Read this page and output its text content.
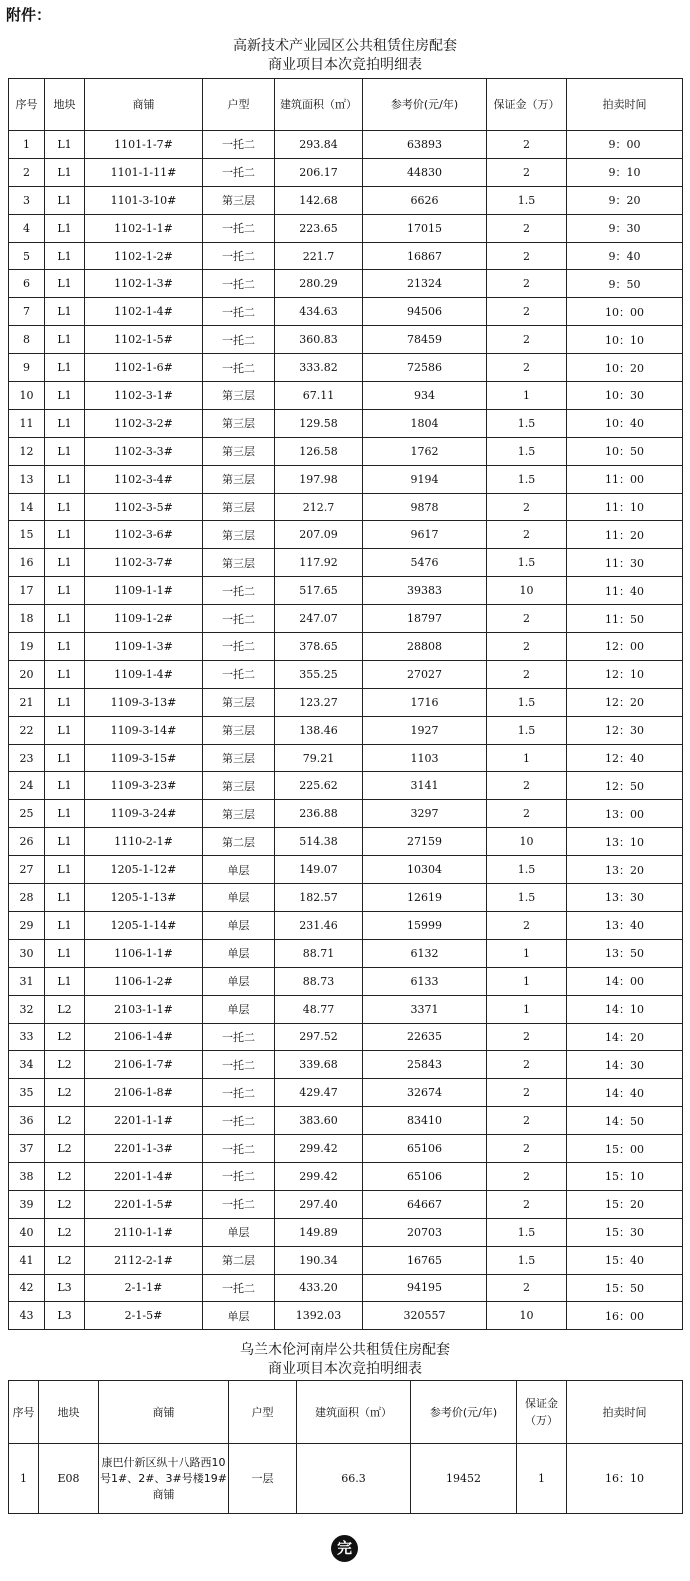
附件：
高新技术产业园区公共租赁住房配套
商业项目本次竞拍明细表
序号	地块	商铺	户型	建筑面积（㎡）	参考价(元/年)	保证金（万）	拍卖时间
1	L1	1101-1-7#	一托二	293.84	63893	2	9：00
2	L1	1101-1-11#	一托二	206.17	44830	2	9：10
3	L1	1101-3-10#	第三层	142.68	6626	1.5	9：20
4	L1	1102-1-1#	一托二	223.65	17015	2	9：30
5	L1	1102-1-2#	一托二	221.7	16867	2	9：40
6	L1	1102-1-3#	一托二	280.29	21324	2	9：50
7	L1	1102-1-4#	一托二	434.63	94506	2	10：00
8	L1	1102-1-5#	一托二	360.83	78459	2	10：10
9	L1	1102-1-6#	一托二	333.82	72586	2	10：20
10	L1	1102-3-1#	第三层	67.11	934	1	10：30
11	L1	1102-3-2#	第三层	129.58	1804	1.5	10：40
12	L1	1102-3-3#	第三层	126.58	1762	1.5	10：50
13	L1	1102-3-4#	第三层	197.98	9194	1.5	11：00
14	L1	1102-3-5#	第三层	212.7	9878	2	11：10
15	L1	1102-3-6#	第三层	207.09	9617	2	11：20
16	L1	1102-3-7#	第三层	117.92	5476	1.5	11：30
17	L1	1109-1-1#	一托二	517.65	39383	10	11：40
18	L1	1109-1-2#	一托二	247.07	18797	2	11：50
19	L1	1109-1-3#	一托二	378.65	28808	2	12：00
20	L1	1109-1-4#	一托二	355.25	27027	2	12：10
21	L1	1109-3-13#	第三层	123.27	1716	1.5	12：20
22	L1	1109-3-14#	第三层	138.46	1927	1.5	12：30
23	L1	1109-3-15#	第三层	79.21	1103	1	12：40
24	L1	1109-3-23#	第三层	225.62	3141	2	12：50
25	L1	1109-3-24#	第三层	236.88	3297	2	13：00
26	L1	1110-2-1#	第二层	514.38	27159	10	13：10
27	L1	1205-1-12#	单层	149.07	10304	1.5	13：20
28	L1	1205-1-13#	单层	182.57	12619	1.5	13：30
29	L1	1205-1-14#	单层	231.46	15999	2	13：40
30	L1	1106-1-1#	单层	88.71	6132	1	13：50
31	L1	1106-1-2#	单层	88.73	6133	1	14：00
32	L2	2103-1-1#	单层	48.77	3371	1	14：10
33	L2	2106-1-4#	一托二	297.52	22635	2	14：20
34	L2	2106-1-7#	一托二	339.68	25843	2	14：30
35	L2	2106-1-8#	一托二	429.47	32674	2	14：40
36	L2	2201-1-1#	一托二	383.60	83410	2	14：50
37	L2	2201-1-3#	一托二	299.42	65106	2	15：00
38	L2	2201-1-4#	一托二	299.42	65106	2	15：10
39	L2	2201-1-5#	一托二	297.40	64667	2	15：20
40	L2	2110-1-1#	单层	149.89	20703	1.5	15：30
41	L2	2112-2-1#	第二层	190.34	16765	1.5	15：40
42	L3	2-1-1#	一托二	433.20	94195	2	15：50
43	L3	2-1-5#	单层	1392.03	320557	10	16：00
乌兰木伦河南岸公共租赁住房配套
商业项目本次竞拍明细表
序号	地块	商铺	户型	建筑面积（㎡）	参考价(元/年)	保证金（万）	拍卖时间
1	E08	康巴什新区纵十八路西10号1#、2#、3#号楼19#商铺	一层	66.3	19452	1	16：10
完
